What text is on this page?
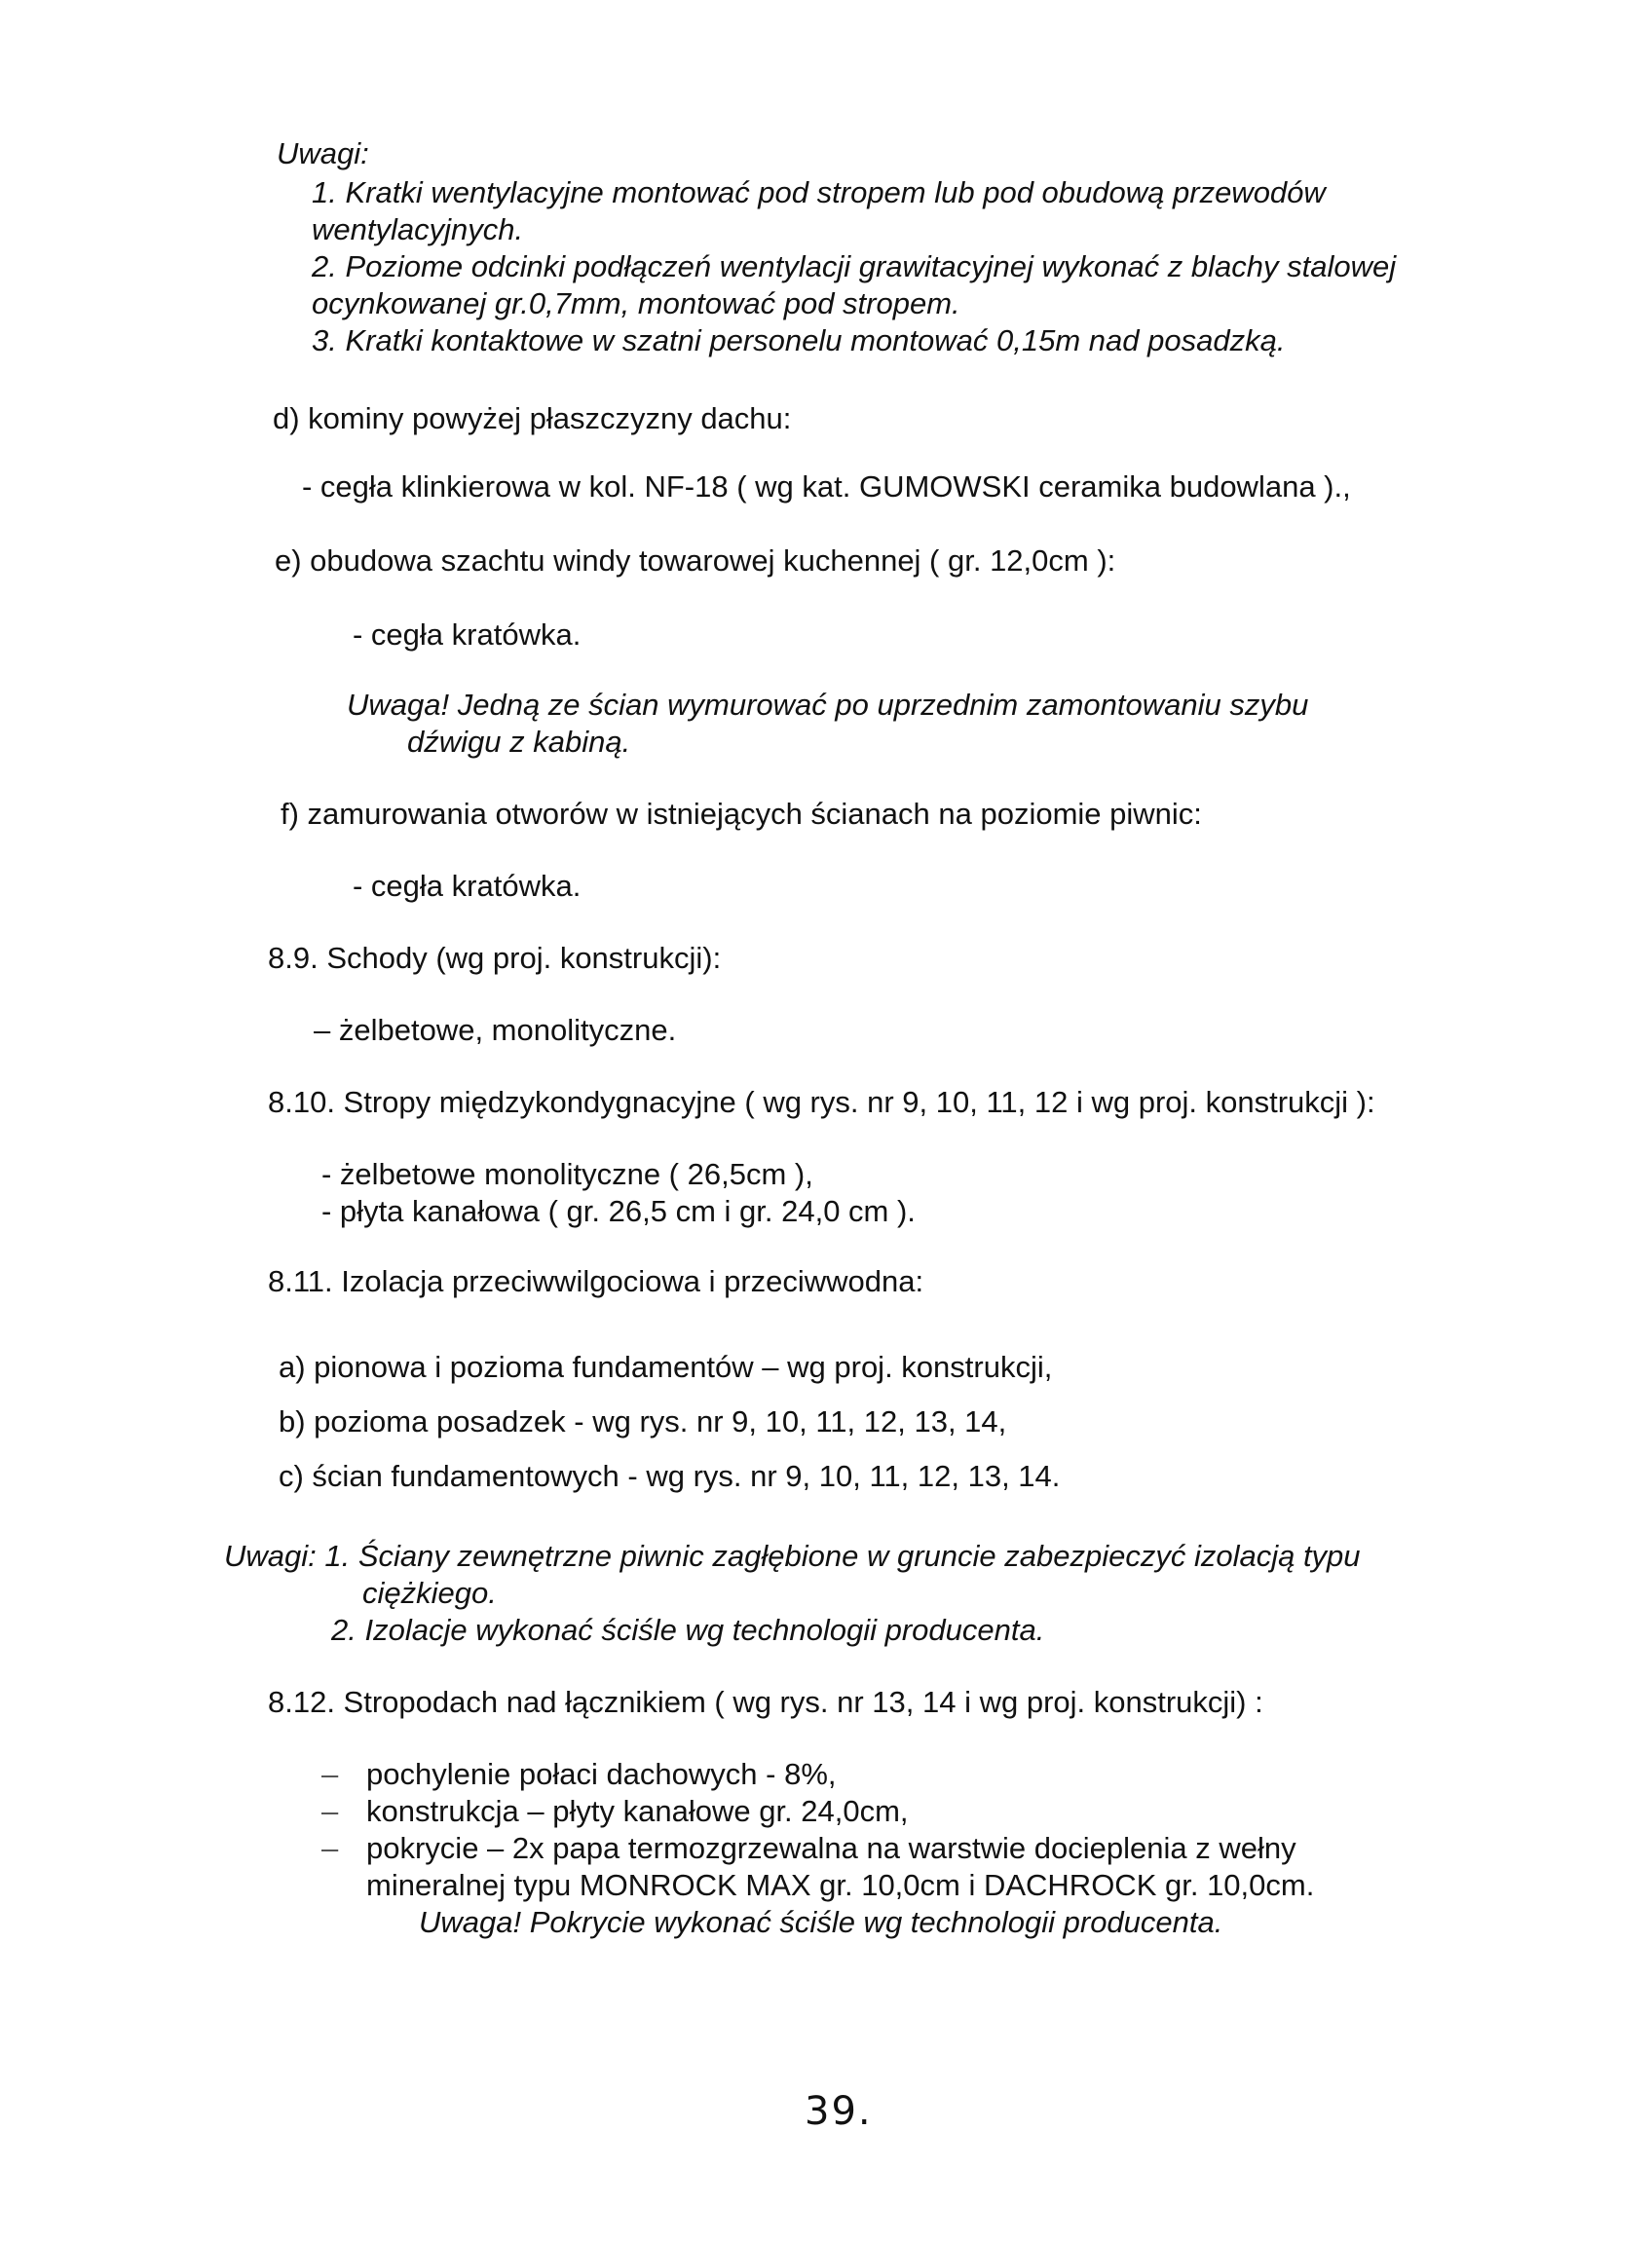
Uwagi:
1. Kratki wentylacyjne montować pod stropem lub pod obudową przewodów
wentylacyjnych.
2. Poziome odcinki podłączeń wentylacji grawitacyjnej wykonać z blachy stalowej
ocynkowanej gr.0,7mm, montować pod stropem.
3. Kratki kontaktowe w szatni personelu montować 0,15m nad posadzką.
d) kominy powyżej płaszczyzny dachu:
- cegła klinkierowa w kol. NF-18 ( wg kat. GUMOWSKI ceramika budowlana ).,
e) obudowa szachtu windy towarowej kuchennej ( gr. 12,0cm ):
- cegła kratówka.
Uwaga! Jedną ze ścian wymurować po uprzednim zamontowaniu szybu
dźwigu z kabiną.
f) zamurowania otworów w istniejących ścianach na poziomie piwnic:
- cegła kratówka.
8.9. Schody (wg proj. konstrukcji):
– żelbetowe, monolityczne.
8.10. Stropy międzykondygnacyjne ( wg rys. nr 9, 10, 11, 12 i wg proj. konstrukcji ):
- żelbetowe monolityczne ( 26,5cm ),
- płyta kanałowa ( gr. 26,5 cm i gr. 24,0 cm ).
8.11. Izolacja przeciwwilgociowa i przeciwwodna:
a) pionowa i pozioma fundamentów – wg proj. konstrukcji,
b) pozioma posadzek - wg rys. nr 9, 10, 11, 12, 13, 14,
c) ścian fundamentowych - wg rys. nr 9, 10, 11, 12, 13, 14.
Uwagi: 1. Ściany zewnętrzne piwnic zagłębione w gruncie zabezpieczyć izolacją typu
ciężkiego.
2. Izolacje wykonać ściśle wg technologii producenta.
8.12. Stropodach nad łącznikiem ( wg rys. nr 13, 14 i wg proj. konstrukcji) :
– pochylenie połaci dachowych - 8%,
– konstrukcja – płyty kanałowe gr. 24,0cm,
– pokrycie – 2x papa termozgrzewalna na warstwie docieplenia z wełny
mineralnej typu MONROCK MAX gr. 10,0cm i DACHROCK gr. 10,0cm.
Uwaga! Pokrycie wykonać ściśle wg technologii producenta.
39.
